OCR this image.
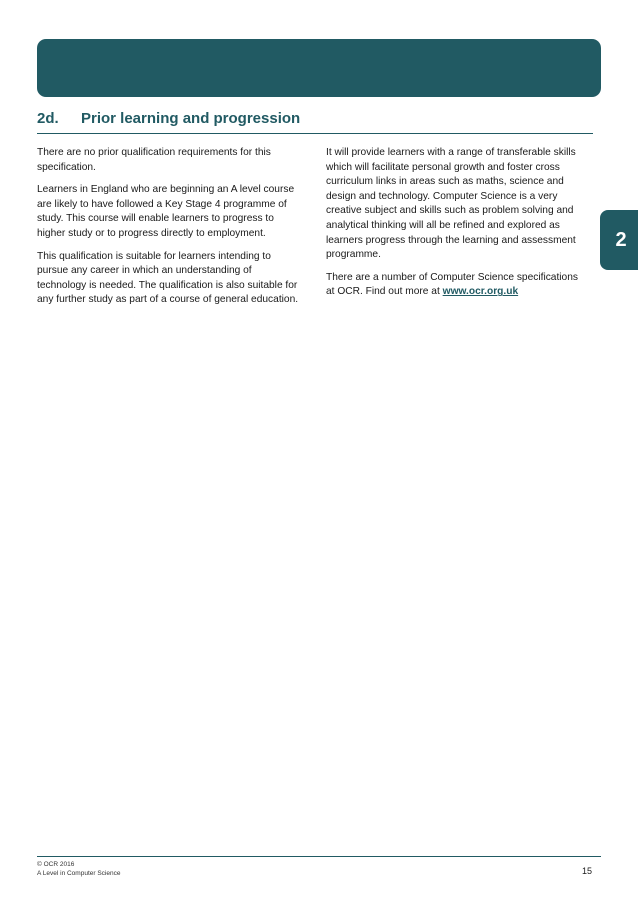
2d. Prior learning and progression

There are no prior qualification requirements for this specification.

Learners in England who are beginning an A level course are likely to have followed a Key Stage 4 programme of study. This course will enable learners to progress to higher study or to progress directly to employment.

This qualification is suitable for learners intending to pursue any career in which an understanding of technology is needed. The qualification is also suitable for any further study as part of a course of general education.

It will provide learners with a range of transferable skills which will facilitate personal growth and foster cross curriculum links in areas such as maths, science and design and technology. Computer Science is a very creative subject and skills such as problem solving and analytical thinking will all be refined and explored as learners progress through the learning and assessment programme.

There are a number of Computer Science specifications at OCR. Find out more at www.ocr.org.uk

2
© OCR 2016
A Level in Computer Science	15
